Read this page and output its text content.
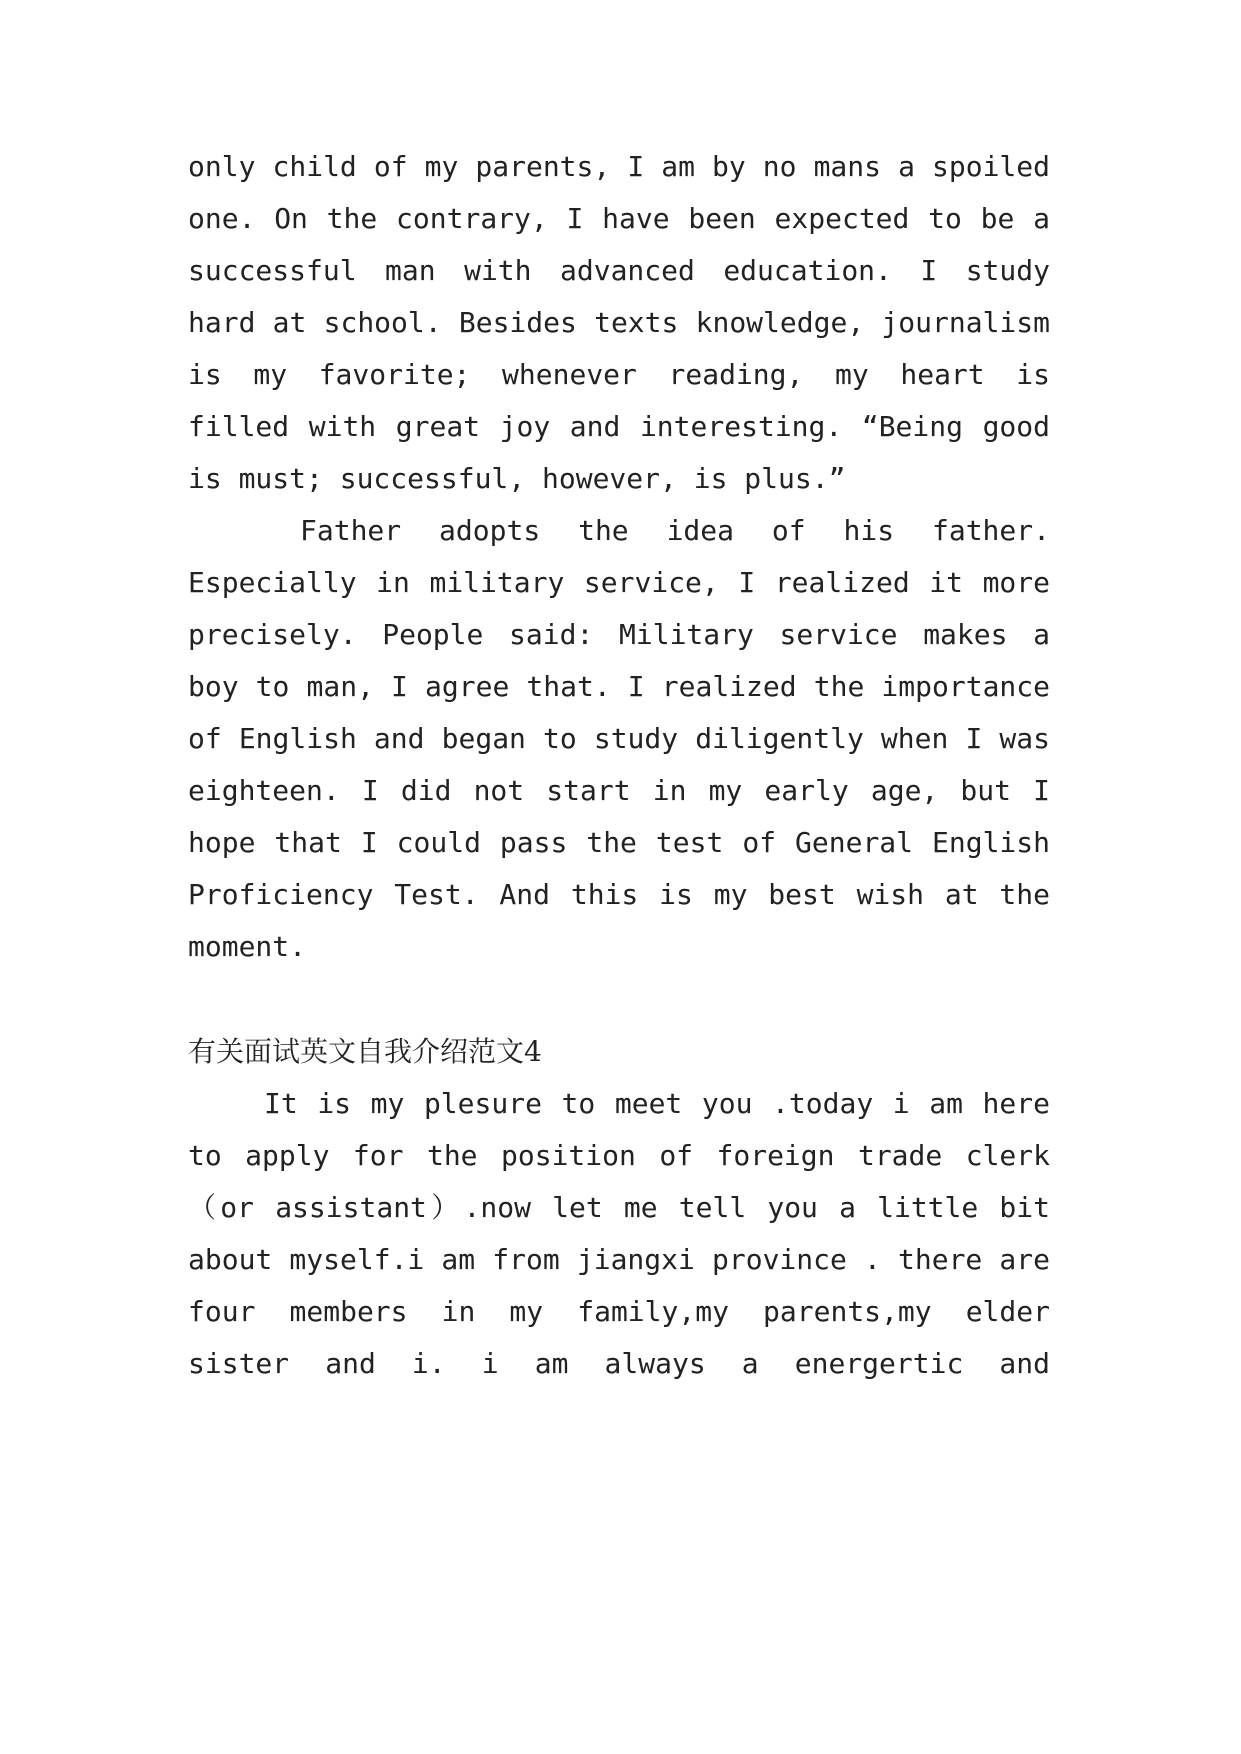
only child of my parents, I am by no mans a spoiled
one. On the contrary, I have been expected to be a
successful man with advanced education. I study
hard at school. Besides texts knowledge, journalism
is my favorite; whenever reading, my heart is
filled with great joy and interesting. “Being good
is must; successful, however, is plus.”
Father adopts the idea of his father.
Especially in military service, I realized it more
precisely. People said: Military service makes a
boy to man, I agree that. I realized the importance
of English and began to study diligently when I was
eighteen. I did not start in my early age, but I
hope that I could pass the test of General English
Proficiency Test. And this is my best wish at the
moment.
有关面试英文自我介绍范文4
It is my plesure to meet you .today i am here
to apply for the position of foreign trade clerk
（or assistant）.now let me tell you a little bit
about myself.i am from jiangxi province . there are
four members in my family,my parents,my elder
sister and i. i am always a energertic and
